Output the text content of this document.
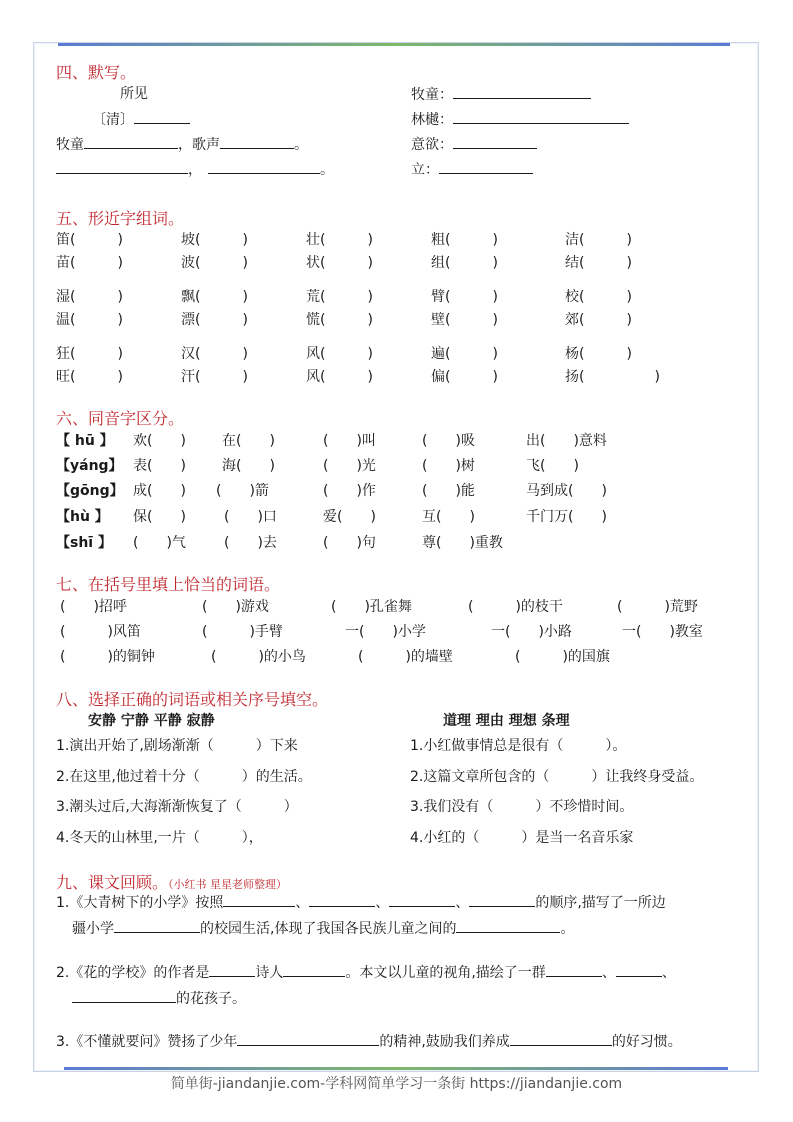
四、默写。
所见
〔清〕
牧童	，歌声	。
，	。
牧童：
林樾：
意欲：
立：
五、形近字组词。
笛(　　　)	坡(　　　)	壮(　　　)	粗(　　　)	洁(　　　)
苗(　　　)	波(　　　)	状(　　　)	组(　　　)	结(　　　)
湿(　　　)	飘(　　　)	荒(　　　)	臂(　　　)	校(　　　)
温(　　　)	漂(　　　)	慌(　　　)	壁(　　　)	郊(　　　)
狂(　　　)	汉(　　　)	风(　　　)	遍(　　　)	杨(　　　)
旺(　　　)	汗(　　　)	风(　　　)	偏(　　　)	扬(　　　　　)
六、同音字区分。
【 hū 】 欢(　　)	在(　　)	(　　)叫	(　　)吸	出(　　)意料
【yáng】 表(　　)	海(　　)	(　　)光	(　　)树	飞(　　)
【gōng】 成(　　) (　　)箭	(　　)作	(　　)能	马到成(　　)
【hù 】 保(　　)	(　　)口	爱(　　)	互(　　)	千门万(　　)
【shī 】 (　　)气	(　　)去	(　　)句	尊(　　)重教
七、在括号里填上恰当的词语。
(　　)招呼	(　　)游戏	(　　)孔雀舞	(　　　)的枝干	(　　　)荒野
(　　　)风笛	(　　　)手臂	一(　　)小学	一(　　)小路	一(　　)教室
(　　　)的铜钟	(　　　)的小鸟	(　　　)的墙壁	(　　　)的国旗
八、选择正确的词语或相关序号填空。
安静 宁静 平静 寂静	道理 理由 理想 条理
1.演出开始了,剧场渐渐（　　　）下来
2.在这里,他过着十分（　　　）的生活。
3.潮头过后,大海渐渐恢复了（　　　）
4.冬天的山林里,一片（　　　），
1.小红做事情总是很有（　　　）。
2.这篇文章所包含的（　　　）让我终身受益。
3.我们没有（　　　）不珍惜时间。
4.小红的（　　　）是当一名音乐家
九、课文回顾。（小红书 星星老师整理）
1.《大青树下的小学》按照	、	、	、	的顺序,描写了一所边
疆小学	的校园生活,体现了我国各民族儿童之间的	。
2.《花的学校》的作者是	诗人	。本文以儿童的视角,描绘了一群	、	、
的花孩子。
3.《不懂就要问》赞扬了少年	的精神,鼓励我们养成	的好习惯。
简单街-jiandanjie.com-学科网简单学习一条街 https://jiandanjie.com
